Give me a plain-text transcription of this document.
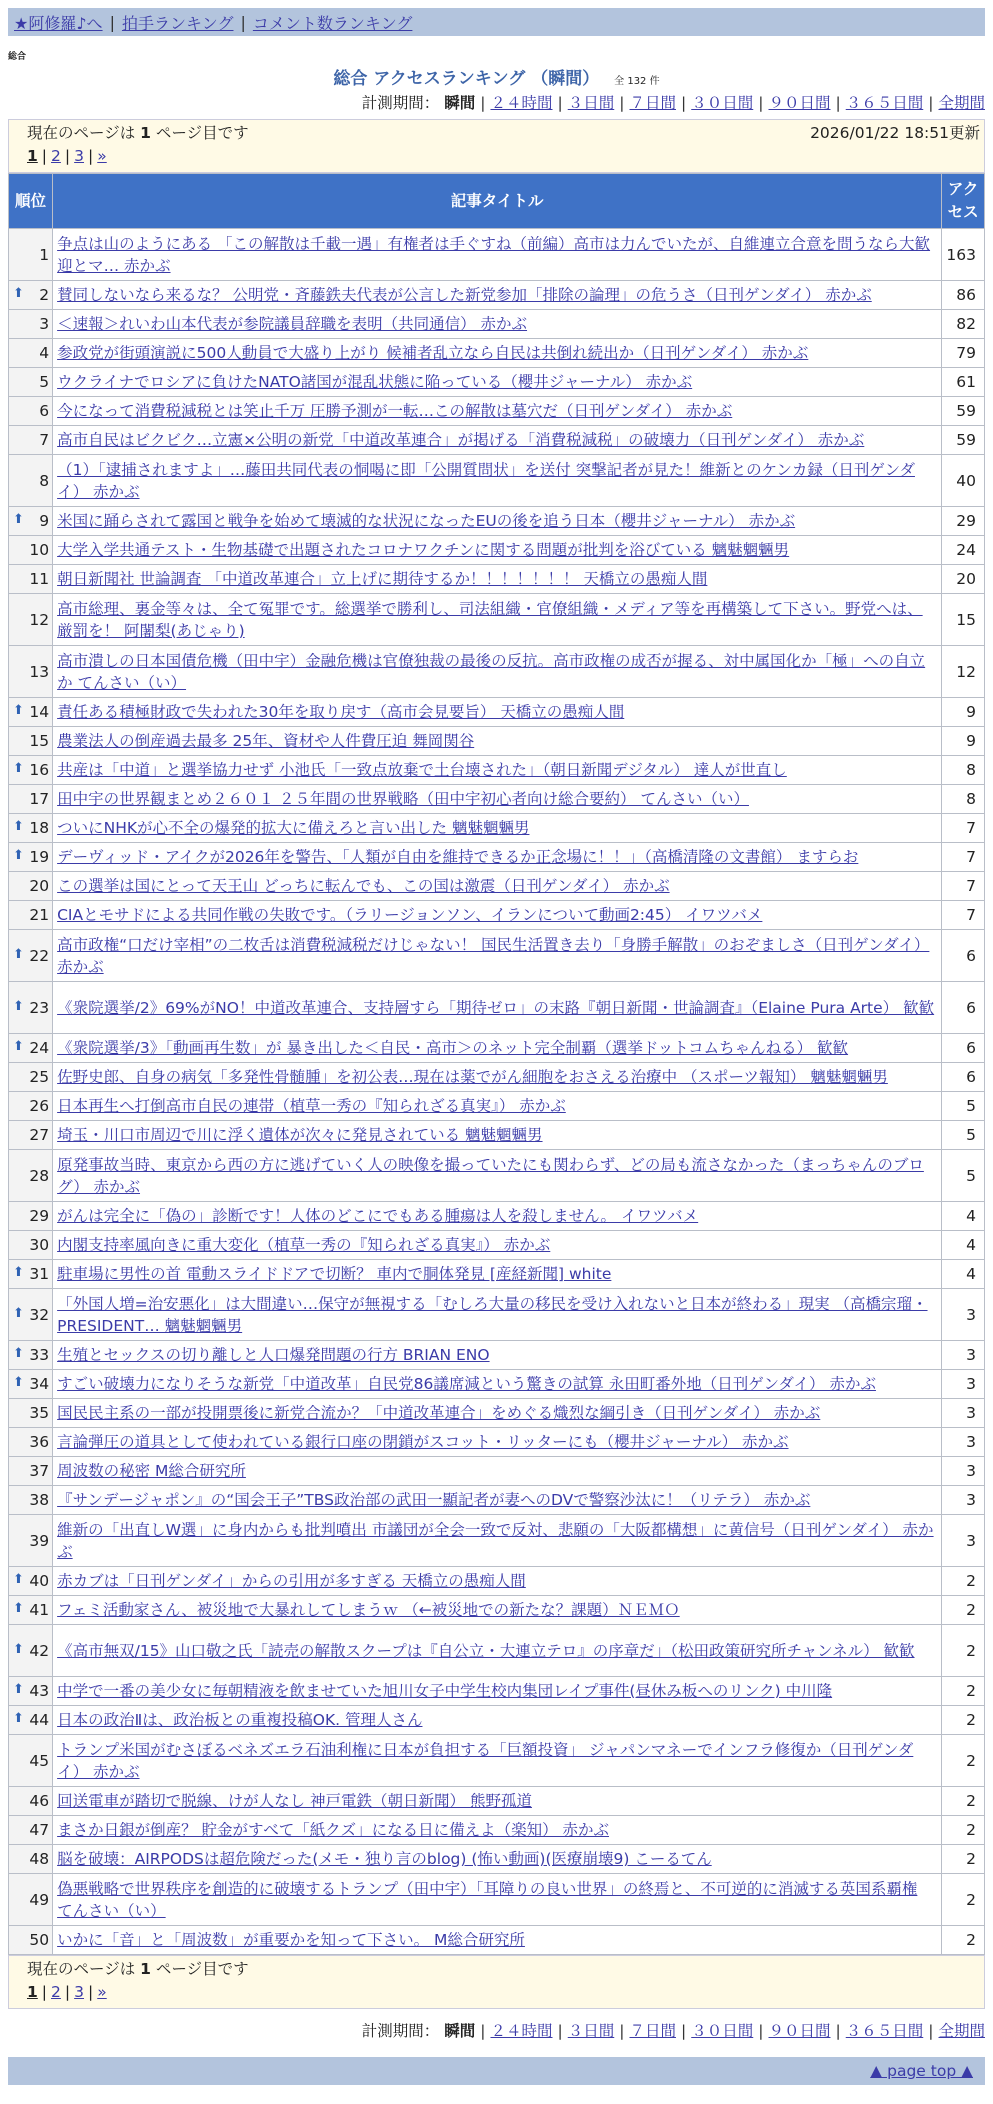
★阿修羅♪へ | 拍手ランキング | コメント数ランキング
総合
総合 アクセスランキング （瞬間） 全 132 件
計測期間： 瞬間 | ２４時間 | ３日間 | ７日間 | ３０日間 | ９０日間 | ３６５日間 | 全期間
現在のページは 1 ページ目です	2026/01/22 18:51更新
1 | 2 | 3 | »
順位	記事タイトル	アクセス
1	争点は山のようにある 「この解散は千載一遇」有権者は手ぐすね（前編）高市は力んでいたが、自維連立合意を問うなら大歓迎とマ… 赤かぶ	163

⬆ 2	賛同しないなら来るな？ 公明党・斉藤鉄夫代表が公言した新党参加「排除の論理」の危うさ（日刊ゲンダイ） 赤かぶ	86
3	＜速報＞れいわ山本代表が参院議員辞職を表明（共同通信） 赤かぶ	82
4	参政党が街頭演説に500人動員で大盛り上がり 候補者乱立なら自民は共倒れ続出か（日刊ゲンダイ） 赤かぶ	79
5	ウクライナでロシアに負けたNATO諸国が混乱状態に陥っている（櫻井ジャーナル） 赤かぶ	61
6	今になって消費税減税とは笑止千万 圧勝予測が一転…この解散は墓穴だ（日刊ゲンダイ） 赤かぶ	59
7	高市自民はビクビク…立憲×公明の新党「中道改革連合」が掲げる「消費税減税」の破壊力（日刊ゲンダイ） 赤かぶ	59
8	（1）「逮捕されますよ」…藤田共同代表の恫喝に即「公開質問状」を送付 突撃記者が見た！維新とのケンカ録（日刊ゲンダイ） 赤かぶ	40

⬆ 9	米国に踊らされて露国と戦争を始めて壊滅的な状況になったEUの後を追う日本（櫻井ジャーナル） 赤かぶ	29
10	大学入学共通テスト・生物基礎で出題されたコロナワクチンに関する問題が批判を浴びている 魑魅魍魎男	24
11	朝日新聞社 世論調査 「中道改革連合」立上げに期待するか！！！！！！！ 天橋立の愚痴人間	20
12	高市総理、裏金等々は、全て冤罪です。総選挙で勝利し、司法組織・官僚組織・メディア等を再構築して下さい。野党へは、厳罰を！ 阿闍梨(あじゃり)	15
13	高市潰しの日本国債危機（田中宇）金融危機は官僚独裁の最後の反抗。高市政権の成否が握る、対中属国化か「極」への自立か てんさい（い）	12

⬆ 14	責任ある積極財政で失われた30年を取り戻す（高市会見要旨） 天橋立の愚痴人間	9
15	農業法人の倒産過去最多 25年、資材や人件費圧迫 舞岡関谷	9

⬆ 16	共産は「中道」と選挙協力せず 小池氏「一致点放棄で土台壊された」（朝日新聞デジタル） 達人が世直し	8
17	田中宇の世界観まとめ２６０１ ２５年間の世界戦略（田中宇初心者向け総合要約） てんさい（い）	8

⬆ 18	ついにNHKが心不全の爆発的拡大に備えろと言い出した 魑魅魍魎男	7

⬆ 19	デーヴィッド・アイクが2026年を警告、「人類が自由を維持できるか正念場に！！」（高橋清隆の文書館） ますらお	7
20	この選挙は国にとって天王山 どっちに転んでも、この国は激震（日刊ゲンダイ） 赤かぶ	7
21	CIAとモサドによる共同作戦の失敗です。（ラリージョンソン、イランについて動画2:45） イワツバメ	7

⬆ 22	高市政権“口だけ宰相”の二枚舌は消費税減税だけじゃない！ 国民生活置き去り「身勝手解散」のおぞましさ（日刊ゲンダイ） 赤かぶ	6

⬆ 23	《衆院選挙/2》69%がNO！中道改革連合、支持層すら「期待ゼロ」の末路『朝日新聞・世論調査』（Elaine Pura Arte） 歓歓	6

⬆ 24	《衆院選挙/3》「動画再生数」が 暴き出した＜自民・高市＞のネット完全制覇（選挙ドットコムちゃんねる） 歓歓	6
25	佐野史郎、自身の病気「多発性骨髄腫」を初公表…現在は薬でがん細胞をおさえる治療中 （スポーツ報知） 魑魅魍魎男	6
26	日本再生へ打倒高市自民の連帯（植草一秀の『知られざる真実』） 赤かぶ	5
27	埼玉・川口市周辺で川に浮く遺体が次々に発見されている 魑魅魍魎男	5
28	原発事故当時、東京から西の方に逃げていく人の映像を撮っていたにも関わらず、どの局も流さなかった（まっちゃんのブログ） 赤かぶ	5
29	がんは完全に「偽の」診断です！人体のどこにでもある腫瘍は人を殺しません。 イワツバメ	4
30	内閣支持率風向きに重大変化（植草一秀の『知られざる真実』） 赤かぶ	4

⬆ 31	駐車場に男性の首 電動スライドドアで切断？ 車内で胴体発見 [産経新聞] white	4

⬆ 32	「外国人増=治安悪化」は大間違い…保守が無視する「むしろ大量の移民を受け入れないと日本が終わる」現実 （高橋宗瑠・PRESIDENT… 魑魅魍魎男	3

⬆ 33	生殖とセックスの切り離しと人口爆発問題の行方 BRIAN ENO	3

⬆ 34	すごい破壊力になりそうな新党「中道改革」自民党86議席減という驚きの試算 永田町番外地（日刊ゲンダイ） 赤かぶ	3
35	国民民主系の一部が投開票後に新党合流か？「中道改革連合」をめぐる熾烈な綱引き（日刊ゲンダイ） 赤かぶ	3
36	言論弾圧の道具として使われている銀行口座の閉鎖がスコット・リッターにも（櫻井ジャーナル） 赤かぶ	3
37	周波数の秘密 M総合研究所	3
38	『サンデージャポン』の“国会王子”TBS政治部の武田一顯記者が妻へのDVで警察沙汰に！（リテラ） 赤かぶ	3
39	維新の「出直しW選」に身内からも批判噴出 市議団が全会一致で反対、悲願の「大阪都構想」に黄信号（日刊ゲンダイ） 赤かぶ	3

⬆ 40	赤カブは「日刊ゲンダイ」からの引用が多すぎる 天橋立の愚痴人間	2

⬆ 41	フェミ活動家さん、被災地で大暴れしてしまうｗ （←被災地での新たな？課題）ＮＥＭＯ	2

⬆ 42	《高市無双/15》山口敬之氏「読売の解散スクープは『自公立・大連立テロ』の序章だ」（松田政策研究所チャンネル） 歓歓	2

⬆ 43	中学で一番の美少女に毎朝精液を飲ませていた旭川女子中学生校内集団レイプ事件(昼休み板へのリンク) 中川隆	2

⬆ 44	日本の政治Ⅱは、政治板との重複投稿OK. 管理人さん	2
45	トランプ米国がむさぼるベネズエラ石油利権に日本が負担する「巨額投資」 ジャパンマネーでインフラ修復か（日刊ゲンダイ） 赤かぶ	2
46	回送電車が踏切で脱線、けが人なし 神戸電鉄（朝日新聞） 熊野孤道	2
47	まさか日銀が倒産？ 貯金がすべて「紙クズ」になる日に備えよ（楽知） 赤かぶ	2
48	脳を破壊：AIRPODSは超危険だった(メモ・独り言のblog) (怖い動画)(医療崩壊9) こーるてん	2
49	偽悪戦略で世界秩序を創造的に破壊するトランプ（田中宇）「耳障りの良い世界」の終焉と、不可逆的に消滅する英国系覇権 てんさい（い）	2
50	いかに「音」と「周波数」が重要かを知って下さい。 M総合研究所	2
現在のページは 1 ページ目です
1 | 2 | 3 | »
計測期間： 瞬間 | ２４時間 | ３日間 | ７日間 | ３０日間 | ９０日間 | ３６５日間 | 全期間
▲ page top ▲
